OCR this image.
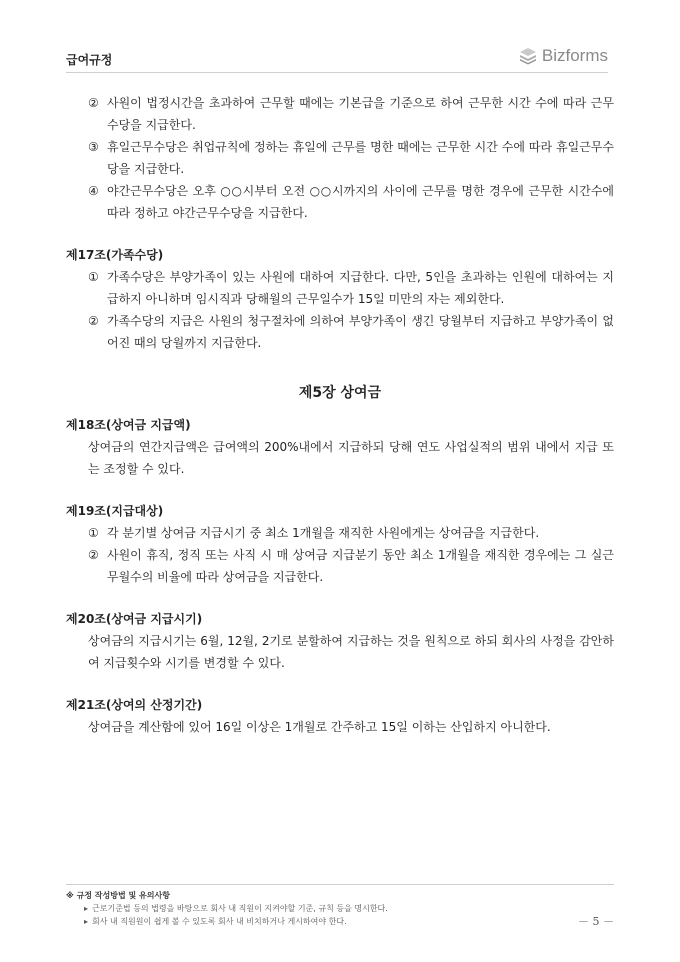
급여규정	Bizforms
② 사원이 법정시간을 초과하여 근무할 때에는 기본급을 기준으로 하여 근무한 시간 수에 따라 근무수당을 지급한다.
③ 휴일근무수당은 취업규칙에 정하는 휴일에 근무를 명한 때에는 근무한 시간 수에 따라 휴일근무수당을 지급한다.
④ 야간근무수당은 오후 ○○시부터 오전 ○○시까지의 사이에 근무를 명한 경우에 근무한 시간수에 따라 정하고 야간근무수당을 지급한다.
제17조(가족수당)
① 가족수당은 부양가족이 있는 사원에 대하여 지급한다. 다만, 5인을 초과하는 인원에 대하여는 지급하지 아니하며 임시직과 당해월의 근무일수가 15일 미만의 자는 제외한다.
② 가족수당의 지급은 사원의 청구절차에 의하여 부양가족이 생긴 당월부터 지급하고 부양가족이 없어진 때의 당월까지 지급한다.
제5장 상여금
제18조(상여금 지급액)
상여금의 연간지급액은 급여액의 200%내에서 지급하되 당해 연도 사업실적의 범위 내에서 지급 또는 조정할 수 있다.
제19조(지급대상)
① 각 분기별 상여금 지급시기 중 최소 1개월을 재직한 사원에게는 상여금을 지급한다.
② 사원이 휴직, 정직 또는 사직 시 매 상여금 지급분기 동안 최소 1개월을 재직한 경우에는 그 실근무월수의 비율에 따라 상여금을 지급한다.
제20조(상여금 지급시기)
상여금의 지급시기는 6월, 12월, 2기로 분할하여 지급하는 것을 원칙으로 하되 회사의 사정을 감안하여 지급횟수와 시기를 변경할 수 있다.
제21조(상여의 산정기간)
상여금을 계산함에 있어 16일 이상은 1개월로 간주하고 15일 이하는 산입하지 아니한다.
※ 규정 작성방법 및 유의사항
▸ 근로기준법 등의 법령을 바탕으로 회사 내 직원이 지켜야할 기준, 규칙 등을 명시한다.
▸ 회사 내 직원원이 쉽게 볼 수 있도록 회사 내 비치하거나 게시하여야 한다.	－ 5 －
